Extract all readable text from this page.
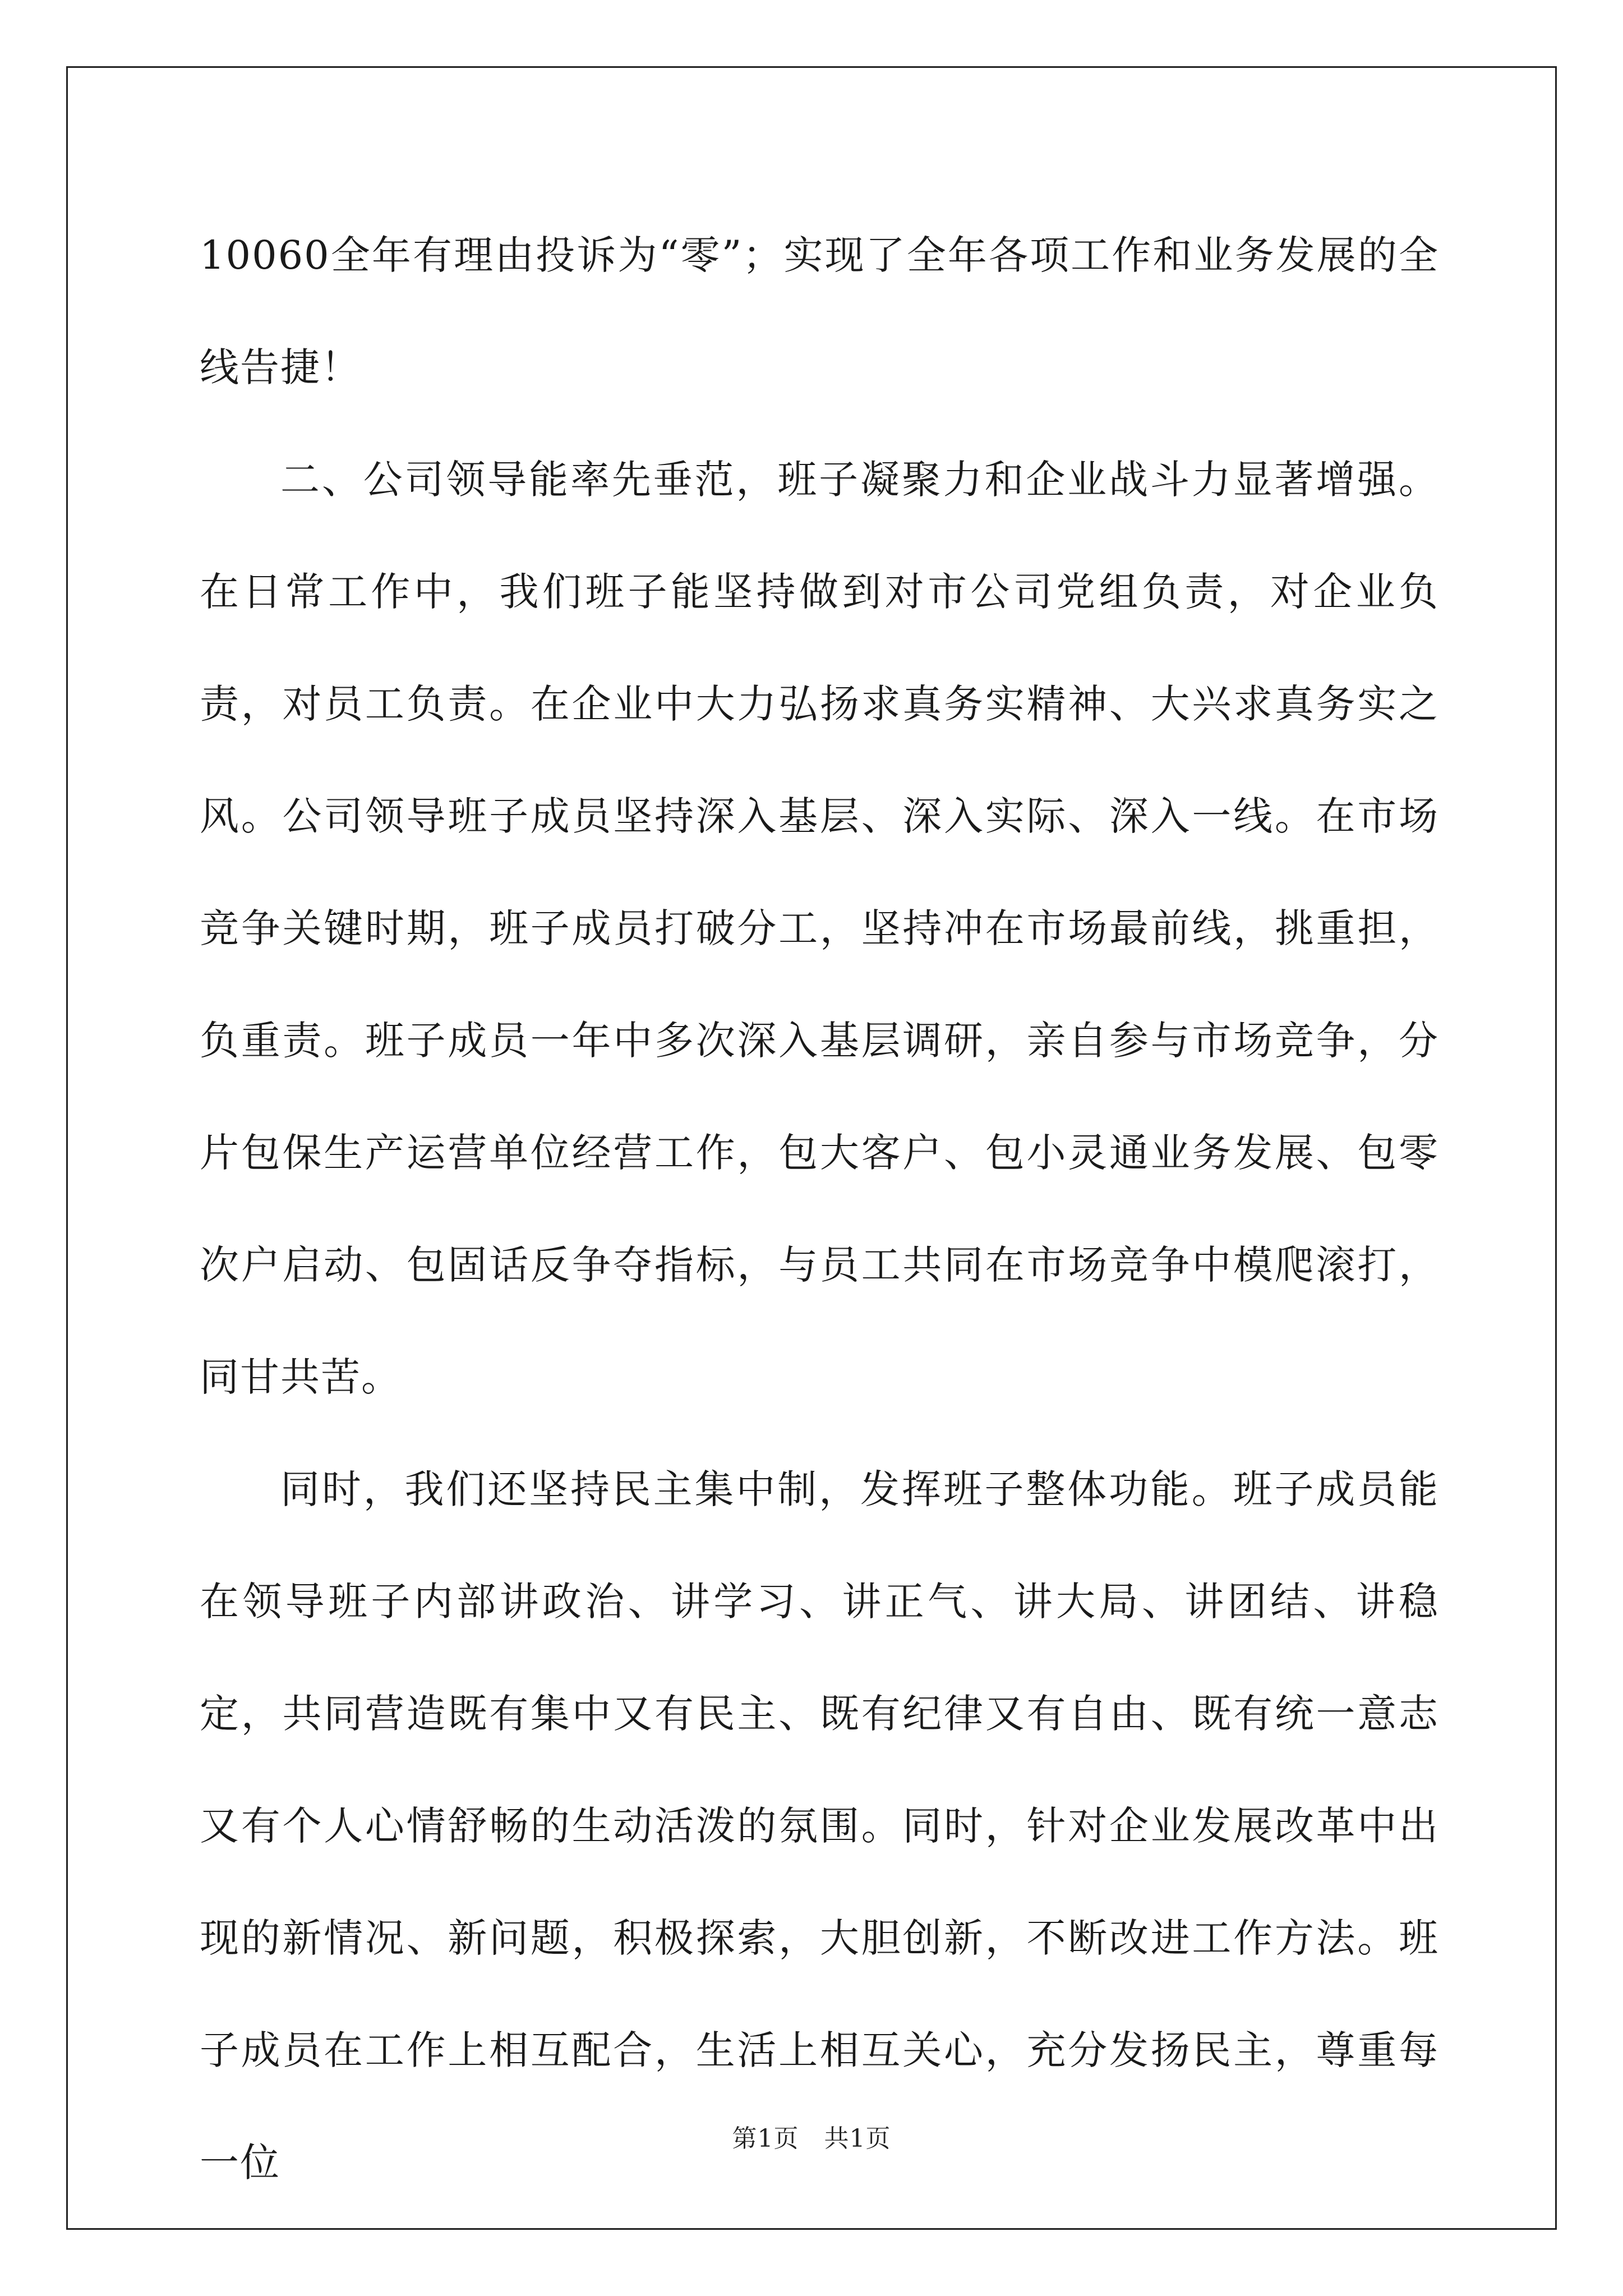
10060全年有理由投诉为“零”；实现了全年各项工作和业务发展的全线告捷！

二、公司领导能率先垂范，班子凝聚力和企业战斗力显著增强。在日常工作中，我们班子能坚持做到对市公司党组负责，对企业负责，对员工负责。在企业中大力弘扬求真务实精神、大兴求真务实之风。公司领导班子成员坚持深入基层、深入实际、深入一线。在市场竞争关键时期，班子成员打破分工，坚持冲在市场最前线，挑重担，负重责。班子成员一年中多次深入基层调研，亲自参与市场竞争，分片包保生产运营单位经营工作，包大客户、包小灵通业务发展、包零次户启动、包固话反争夺指标，与员工共同在市场竞争中模爬滚打，同甘共苦。

同时，我们还坚持民主集中制，发挥班子整体功能。班子成员能在领导班子内部讲政治、讲学习、讲正气、讲大局、讲团结、讲稳定，共同营造既有集中又有民主、既有纪律又有自由、既有统一意志又有个人心情舒畅的生动活泼的氛围。同时，针对企业发展改革中出现的新情况、新问题，积极探索，大胆创新，不断改进工作方法。班子成员在工作上相互配合，生活上相互关心，充分发扬民主，尊重每一位

第1页　共1页
